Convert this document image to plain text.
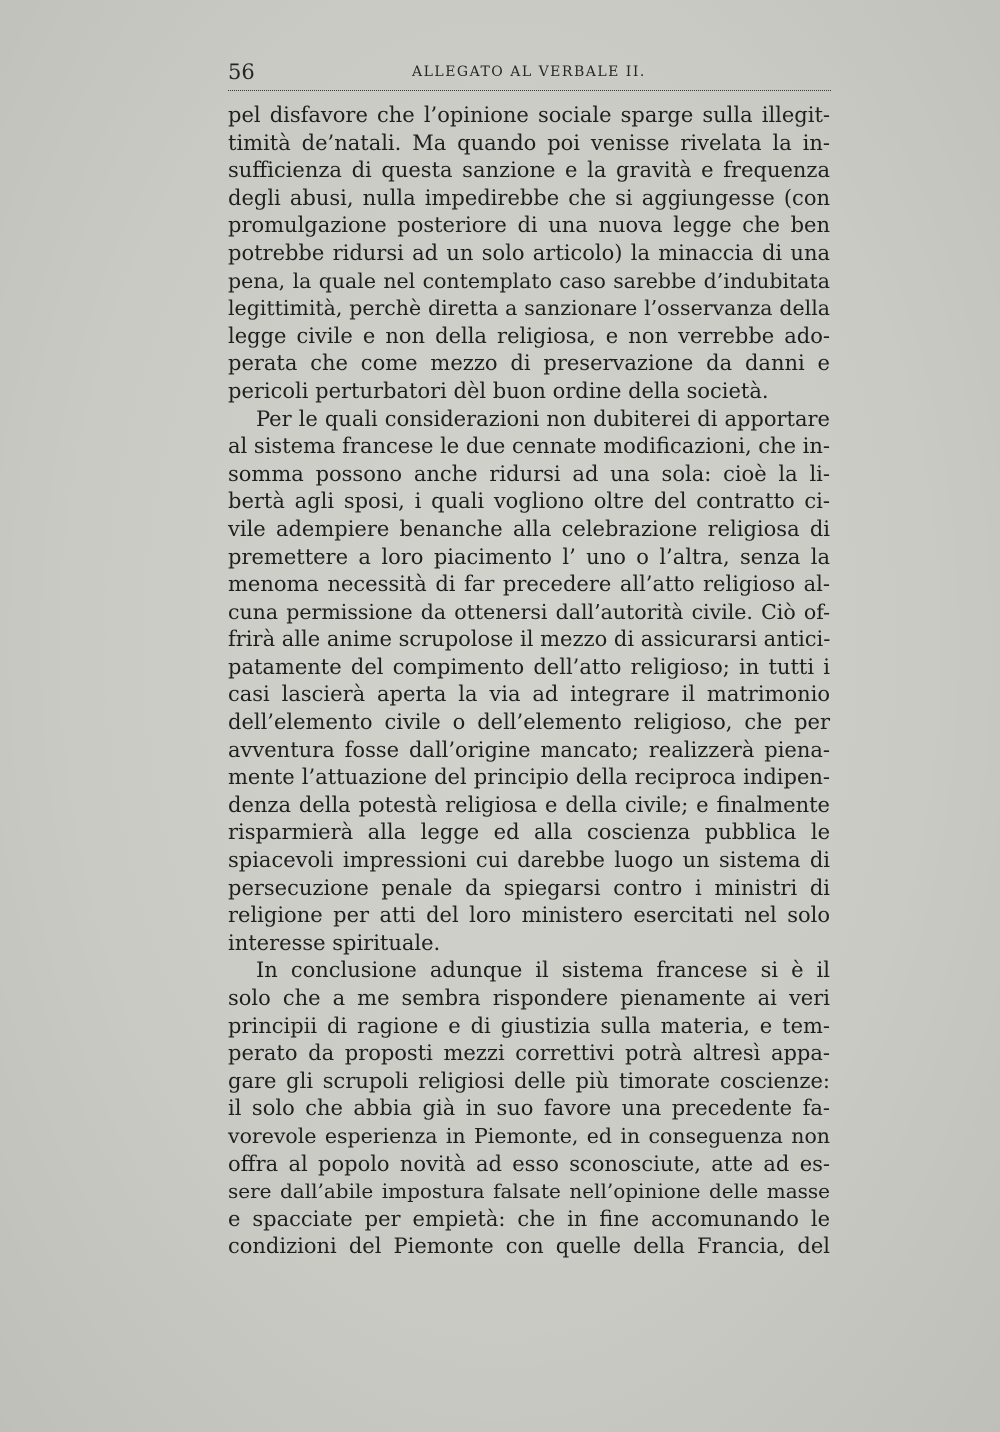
56	ALLEGATO AL VERBALE II.
pel disfavore che l’opinione sociale sparge sulla illegit-
timità de’natali. Ma quando poi venisse rivelata la in-
sufficienza di questa sanzione e la gravità e frequenza
degli abusi, nulla impedirebbe che si aggiungesse (con
promulgazione posteriore di una nuova legge che ben
potrebbe ridursi ad un solo articolo) la minaccia di una
pena, la quale nel contemplato caso sarebbe d’indubitata
legittimità, perchè diretta a sanzionare l’osservanza della
legge civile e non della religiosa, e non verrebbe ado-
perata che come mezzo di preservazione da danni e
pericoli perturbatori dèl buon ordine della società.
Per le quali considerazioni non dubiterei di apportare
al sistema francese le due cennate modificazioni, che in-
somma possono anche ridursi ad una sola: cioè la li-
bertà agli sposi, i quali vogliono oltre del contratto ci-
vile adempiere benanche alla celebrazione religiosa di
premettere a loro piacimento l’ uno o l’altra, senza la
menoma necessità di far precedere all’atto religioso al-
cuna permissione da ottenersi dall’autorità civile. Ciò of-
frirà alle anime scrupolose il mezzo di assicurarsi antici-
patamente del compimento dell’atto religioso; in tutti i
casi lascierà aperta la via ad integrare il matrimonio
dell’elemento civile o dell’elemento religioso, che per
avventura fosse dall’origine mancato; realizzerà piena-
mente l’attuazione del principio della reciproca indipen-
denza della potestà religiosa e della civile; e finalmente
risparmierà alla legge ed alla coscienza pubblica le
spiacevoli impressioni cui darebbe luogo un sistema di
persecuzione penale da spiegarsi contro i ministri di
religione per atti del loro ministero esercitati nel solo
interesse spirituale.
In conclusione adunque il sistema francese si è il
solo che a me sembra rispondere pienamente ai veri
principii di ragione e di giustizia sulla materia, e tem-
perato da proposti mezzi correttivi potrà altresì appa-
gare gli scrupoli religiosi delle più timorate coscienze:
il solo che abbia già in suo favore una precedente fa-
vorevole esperienza in Piemonte, ed in conseguenza non
offra al popolo novità ad esso sconosciute, atte ad es-
sere dall’abile impostura falsate nell’opinione delle masse
e spacciate per empietà: che in fine accomunando le
condizioni del Piemonte con quelle della Francia, del
